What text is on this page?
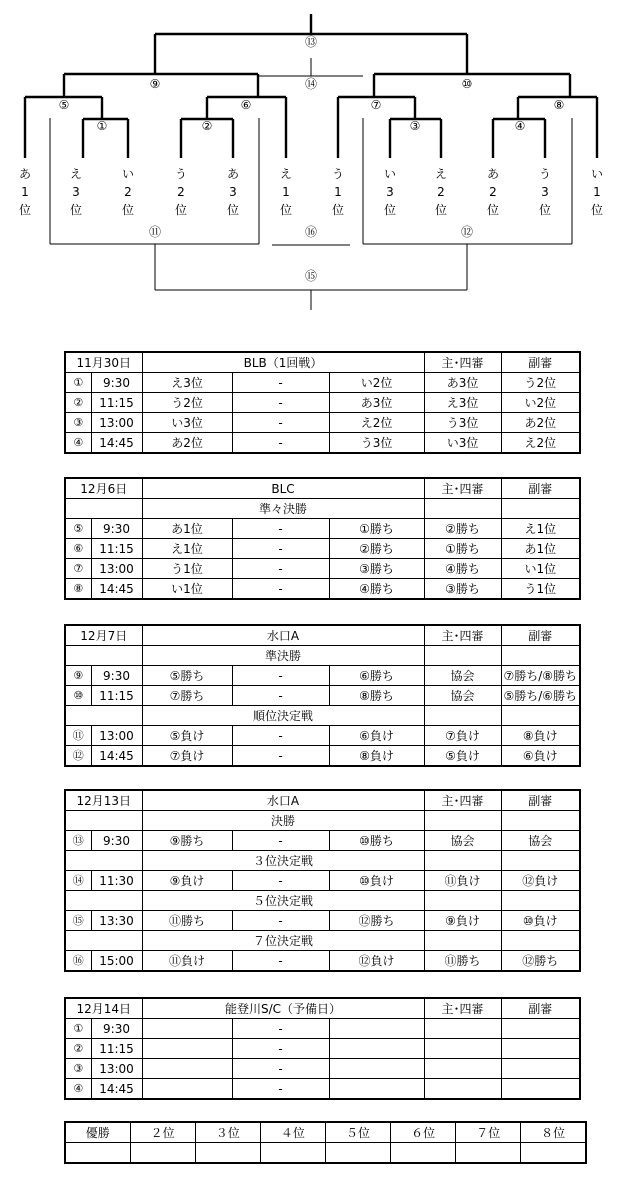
⑬
⑭
⑨	⑩
⑤
①
⑥
②
⑦
③
⑧
④
⑪	⑯	⑫
⑮
あ
1
位
え
3
位
い
2
位
う
2
位
あ
3
位
え
1
位
う
1
位
い
3
位
え
2
位
あ
2
位
う
3
位
い
1
位
11月30日		BLB（1回戦）			主･四審	副審
①	9:30	え3位	-	い2位	あ3位	う2位
②	11:15	う2位	-	あ3位	え3位	い2位
③	13:00	い3位	-	え2位	う3位	あ2位
④	14:45	あ2位	-	う3位	い3位	え2位
12月6日		BLC			主･四審	副審
		準々決勝				
⑤	9:30	あ1位	-	①勝ち	②勝ち	え1位
⑥	11:15	え1位	-	②勝ち	①勝ち	あ1位
⑦	13:00	う1位	-	③勝ち	④勝ち	い1位
⑧	14:45	い1位	-	④勝ち	③勝ち	う1位
12月7日		水口A			主･四審	副審
		準決勝				
⑨	9:30	⑤勝ち	-	⑥勝ち	協会	⑦勝ち/⑧勝ち
⑩	11:15	⑦勝ち	-	⑧勝ち	協会	⑤勝ち/⑥勝ち
		順位決定戦				
⑪	13:00	⑤負け	-	⑥負け	⑦負け	⑧負け
⑫	14:45	⑦負け	-	⑧負け	⑤負け	⑥負け
12月13日		水口A			主･四審	副審
		決勝				
⑬	9:30	⑨勝ち	-	⑩勝ち	協会	協会
		３位決定戦				
⑭	11:30	⑨負け	-	⑩負け	⑪負け	⑫負け
		５位決定戦				
⑮	13:30	⑪勝ち	-	⑫勝ち	⑨負け	⑩負け
		７位決定戦				
⑯	15:00	⑪負け	-	⑫負け	⑪勝ち	⑫勝ち
12月14日		能登川S/C（予備日）			主･四審	副審
①	9:30		-			
②	11:15		-			
③	13:00		-			
④	14:45		-			
優勝	２位	３位	４位	５位	６位	７位	８位
